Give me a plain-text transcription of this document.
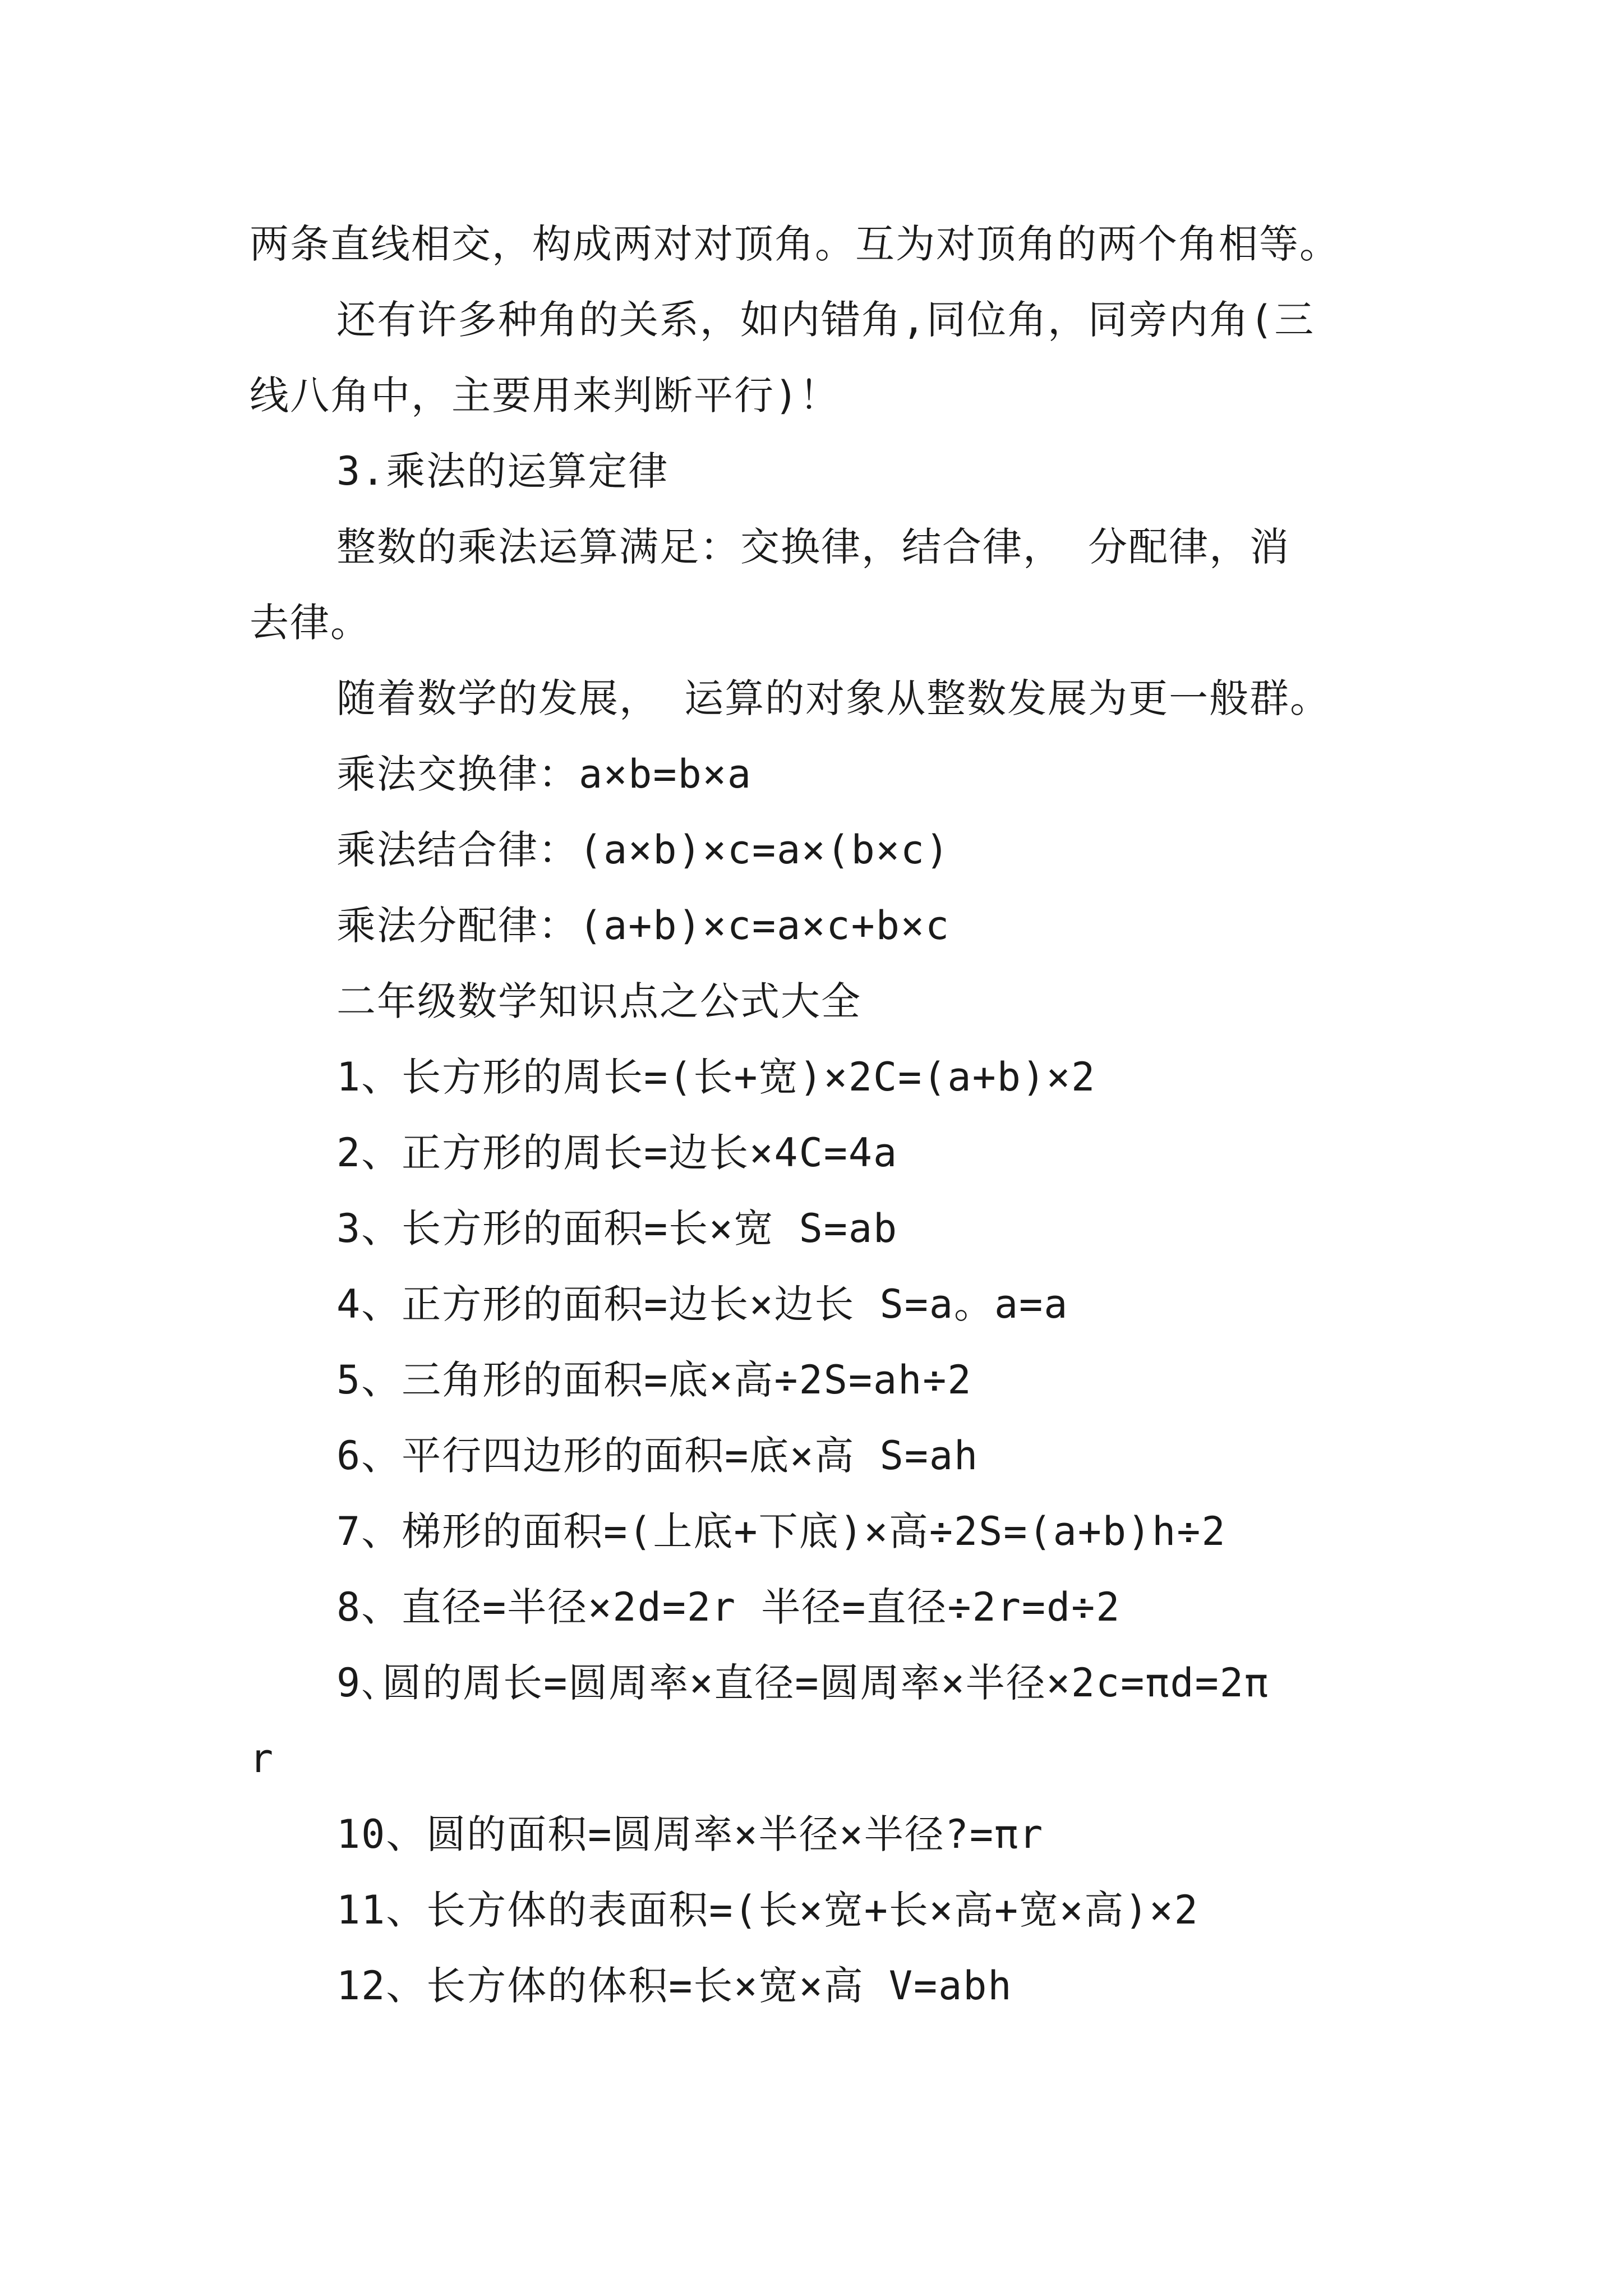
两条直线相交，构成两对对顶角。互为对顶角的两个角相等。
还有许多种角的关系，如内错角,同位角，同旁内角(三
线八角中，主要用来判断平行)！
3.乘法的运算定律
整数的乘法运算满足：交换律，结合律， 分配律，消
去律。
随着数学的发展， 运算的对象从整数发展为更一般群。
乘法交换律：a×b=b×a
乘法结合律：(a×b)×c=a×(b×c)
乘法分配律：(a+b)×c=a×c+b×c
二年级数学知识点之公式大全
1、长方形的周长=(长+宽)×2C=(a+b)×2
2、正方形的周长=边长×4C=4a
3、长方形的面积=长×宽 S=ab
4、正方形的面积=边长×边长 S=a。a=a
5、三角形的面积=底×高÷2S=ah÷2
6、平行四边形的面积=底×高 S=ah
7、梯形的面积=(上底+下底)×高÷2S=(a+b)h÷2
8、直径=半径×2d=2r 半径=直径÷2r=d÷2
9､圆的周长=圆周率×直径=圆周率×半径×2c=πd=2π
r
10、圆的面积=圆周率×半径×半径?=πr
11、长方体的表面积=(长×宽+长×高+宽×高)×2
12、长方体的体积=长×宽×高 V=abh
